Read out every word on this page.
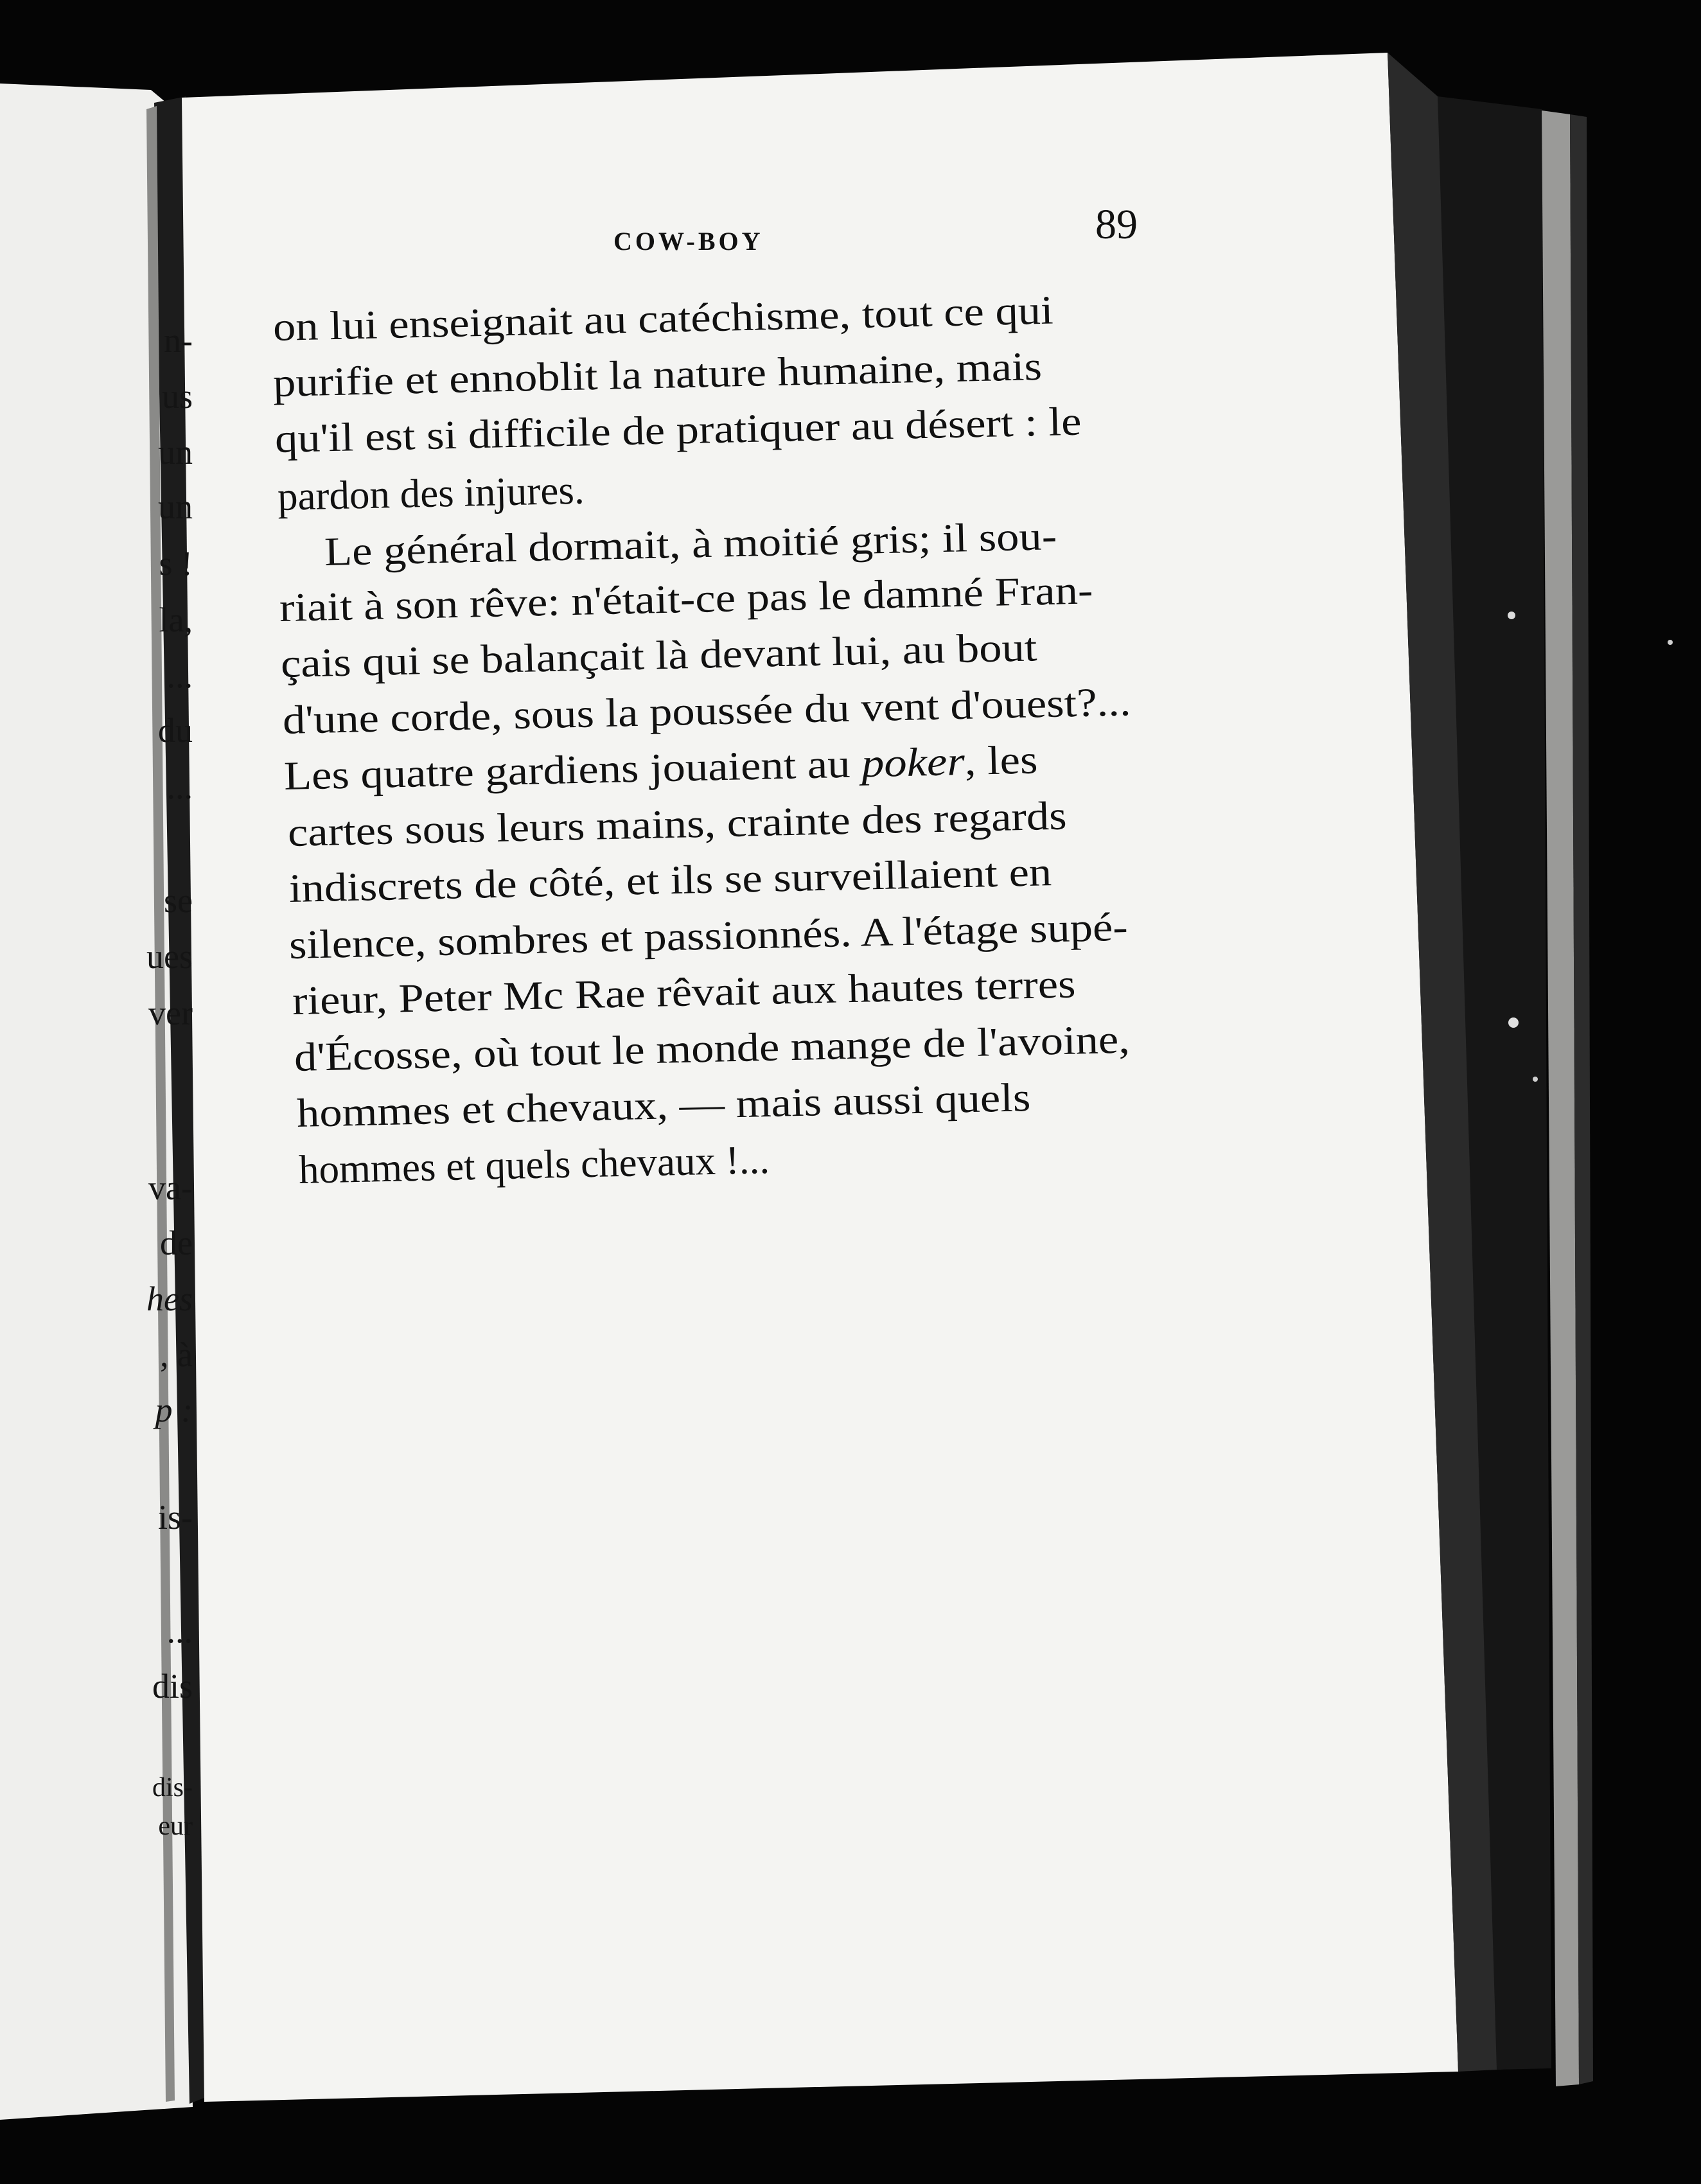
n-

us

un

un

s !

la,

...

du

...

se

ues

ver

va-

de

hes

, à

p :

is-

...

dis

dis-

eur

COW-BOY	89

on lui enseignait au catéchisme, tout ce qui

purifie et ennoblit la nature humaine, mais

qu'il est si difficile de pratiquer au désert : le

pardon des injures.

Le général dormait, à moitié gris; il sou-

riait à son rêve: n'était-ce pas le damné Fran-

çais qui se balançait là devant lui, au bout

d'une corde, sous la poussée du vent d'ouest?...

Les quatre gardiens jouaient au poker, les

cartes sous leurs mains, crainte des regards

indiscrets de côté, et ils se surveillaient en

silence, sombres et passionnés. A l'étage supé-

rieur, Peter Mc Rae rêvait aux hautes terres

d'Écosse, où tout le monde mange de l'avoine,

hommes et chevaux, — mais aussi quels

hommes et quels chevaux !...
